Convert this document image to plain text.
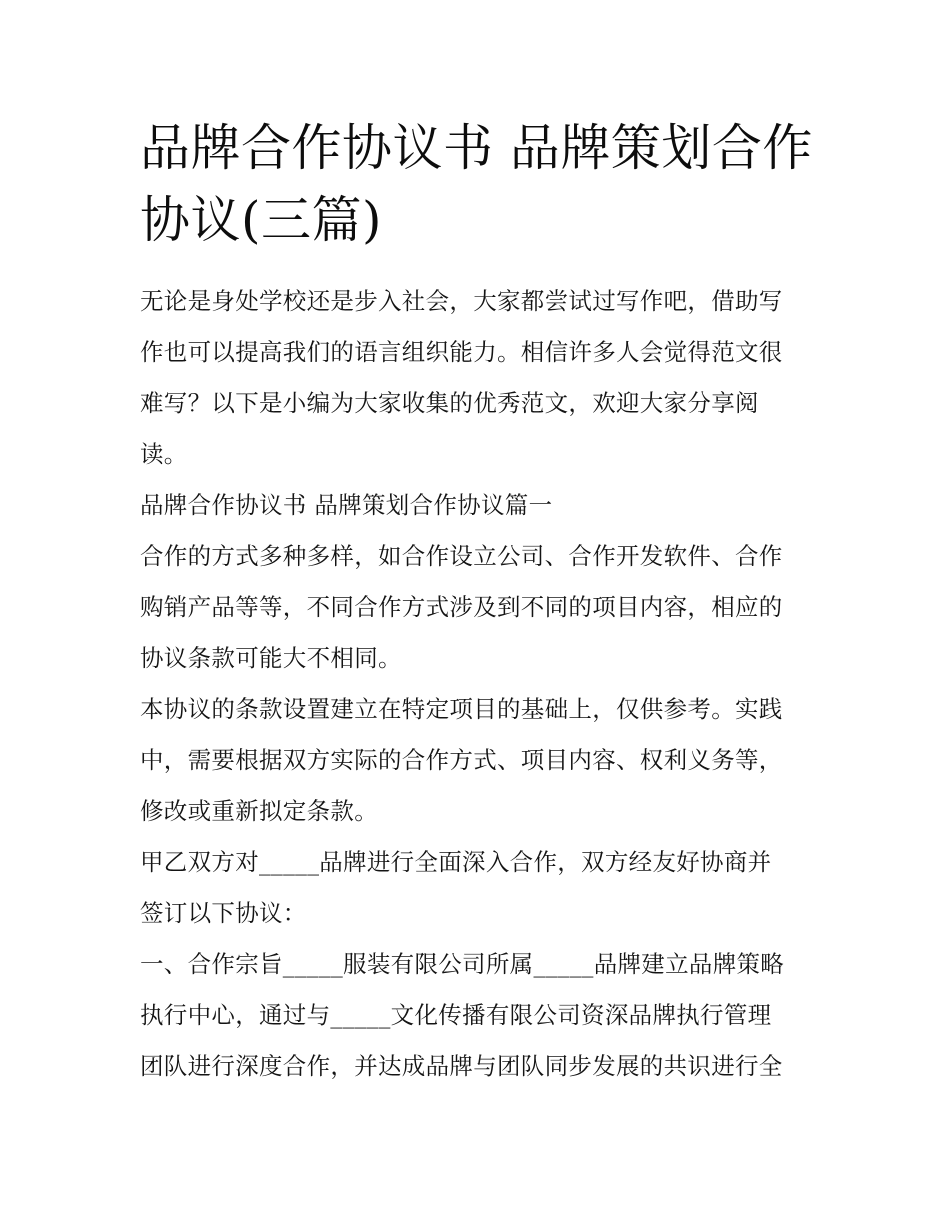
品牌合作协议书 品牌策划合作
协议(三篇)

无论是身处学校还是步入社会，大家都尝试过写作吧，借助写
作也可以提高我们的语言组织能力。相信许多人会觉得范文很
难写？以下是小编为大家收集的优秀范文，欢迎大家分享阅
读。

品牌合作协议书 品牌策划合作协议篇一

合作的方式多种多样，如合作设立公司、合作开发软件、合作
购销产品等等，不同合作方式涉及到不同的项目内容，相应的
协议条款可能大不相同。

本协议的条款设置建立在特定项目的基础上，仅供参考。实践
中，需要根据双方实际的合作方式、项目内容、权利义务等，
修改或重新拟定条款。

甲乙双方对_____品牌进行全面深入合作，双方经友好协商并
签订以下协议：

一、合作宗旨_____服装有限公司所属_____品牌建立品牌策略
执行中心，通过与_____文化传播有限公司资深品牌执行管理
团队进行深度合作，并达成品牌与团队同步发展的共识进行全
